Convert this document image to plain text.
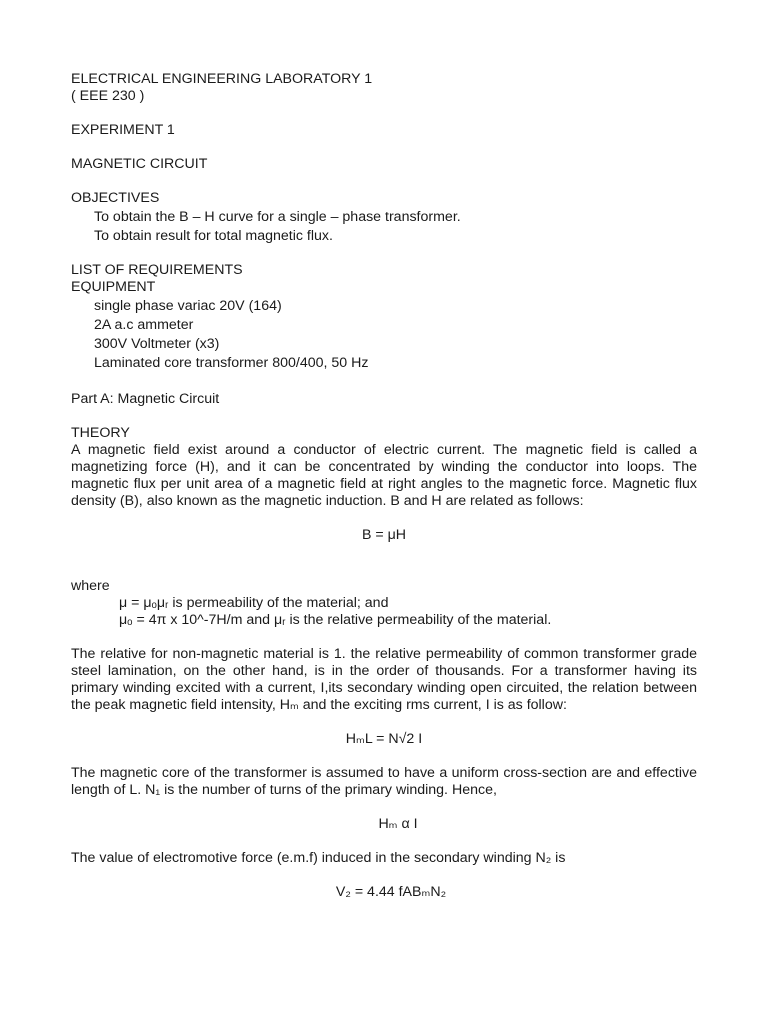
ELECTRICAL ENGINEERING LABORATORY 1
( EEE 230 )
EXPERIMENT 1
MAGNETIC CIRCUIT
OBJECTIVES
To obtain the B – H curve for a single – phase transformer.
To obtain result for total magnetic flux.
LIST OF REQUIREMENTS
EQUIPMENT
single phase variac 20V (164)
2A a.c ammeter
300V Voltmeter (x3)
Laminated core transformer 800/400, 50 Hz
Part A: Magnetic Circuit
THEORY
A magnetic field exist around a conductor of electric current. The magnetic field is called a magnetizing force (H), and it can be concentrated by winding the conductor into loops. The magnetic flux per unit area of a magnetic field at right angles to the magnetic force. Magnetic flux density (B), also known as the magnetic induction. B and H are related as follows:
B = μH
where
μ = μₒμᵣ is permeability of the material; and
μₒ = 4π x 10^-7H/m and μᵣ is the relative permeability of the material.
The relative for non-magnetic material is 1. the relative permeability of common transformer grade steel lamination, on the other hand, is in the order of thousands. For a transformer having its primary winding excited with a current, I,its secondary winding open circuited, the relation between the peak magnetic field intensity, Hₘ and the exciting rms current, I is as follow:
HₘL = N√2 I
The magnetic core of the transformer is assumed to have a uniform cross-section are and effective length of L. N₁ is the number of turns of the primary winding. Hence,
Hₘ α I
The value of electromotive force (e.m.f) induced in the secondary winding N₂ is
V₂ = 4.44 fABₘN₂
